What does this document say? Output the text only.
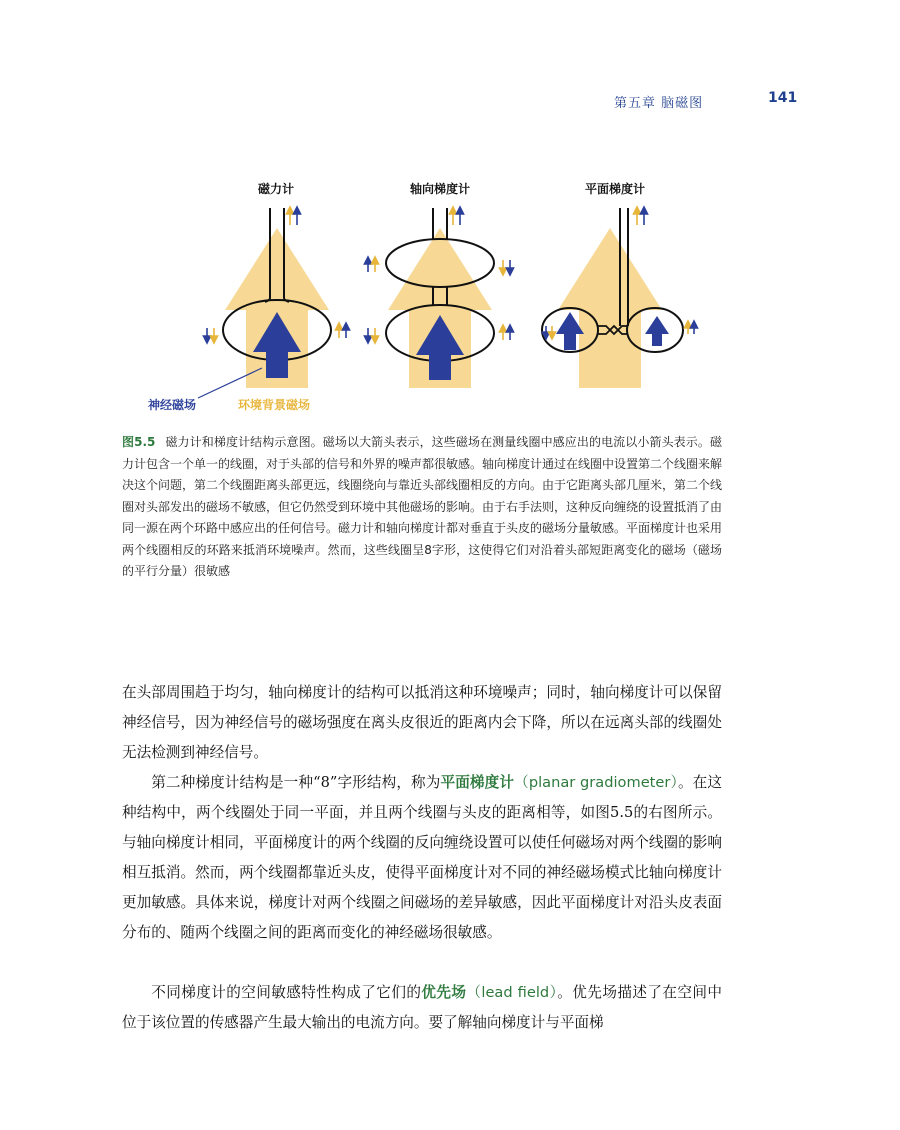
第五章 脑磁图	141
磁力计	轴向梯度计	平面梯度计
神经磁场	环境背景磁场
图5.5 磁力计和梯度计结构示意图。磁场以大箭头表示，这些磁场在测量线圈中感应出的电流以小箭头表示。磁力计包含一个单一的线圈，对于头部的信号和外界的噪声都很敏感。轴向梯度计通过在线圈中设置第二个线圈来解决这个问题，第二个线圈距离头部更远，线圈绕向与靠近头部线圈相反的方向。由于它距离头部几厘米，第二个线圈对头部发出的磁场不敏感，但它仍然受到环境中其他磁场的影响。由于右手法则，这种反向缠绕的设置抵消了由同一源在两个环路中感应出的任何信号。磁力计和轴向梯度计都对垂直于头皮的磁场分量敏感。平面梯度计也采用两个线圈相反的环路来抵消环境噪声。然而，这些线圈呈8字形，这使得它们对沿着头部短距离变化的磁场（磁场的平行分量）很敏感
在头部周围趋于均匀，轴向梯度计的结构可以抵消这种环境噪声；同时，轴向梯度计可以保留神经信号，因为神经信号的磁场强度在离头皮很近的距离内会下降，所以在远离头部的线圈处无法检测到神经信号。
第二种梯度计结构是一种“8”字形结构，称为平面梯度计（planar gradiometer）。在这种结构中，两个线圈处于同一平面，并且两个线圈与头皮的距离相等，如图5.5的右图所示。与轴向梯度计相同，平面梯度计的两个线圈的反向缠绕设置可以使任何磁场对两个线圈的影响相互抵消。然而，两个线圈都靠近头皮，使得平面梯度计对不同的神经磁场模式比轴向梯度计更加敏感。具体来说，梯度计对两个线圈之间磁场的差异敏感，因此平面梯度计对沿头皮表面分布的、随两个线圈之间的距离而变化的神经磁场很敏感。
不同梯度计的空间敏感特性构成了它们的优先场（lead field）。优先场描述了在空间中位于该位置的传感器产生最大输出的电流方向。要了解轴向梯度计与平面梯
